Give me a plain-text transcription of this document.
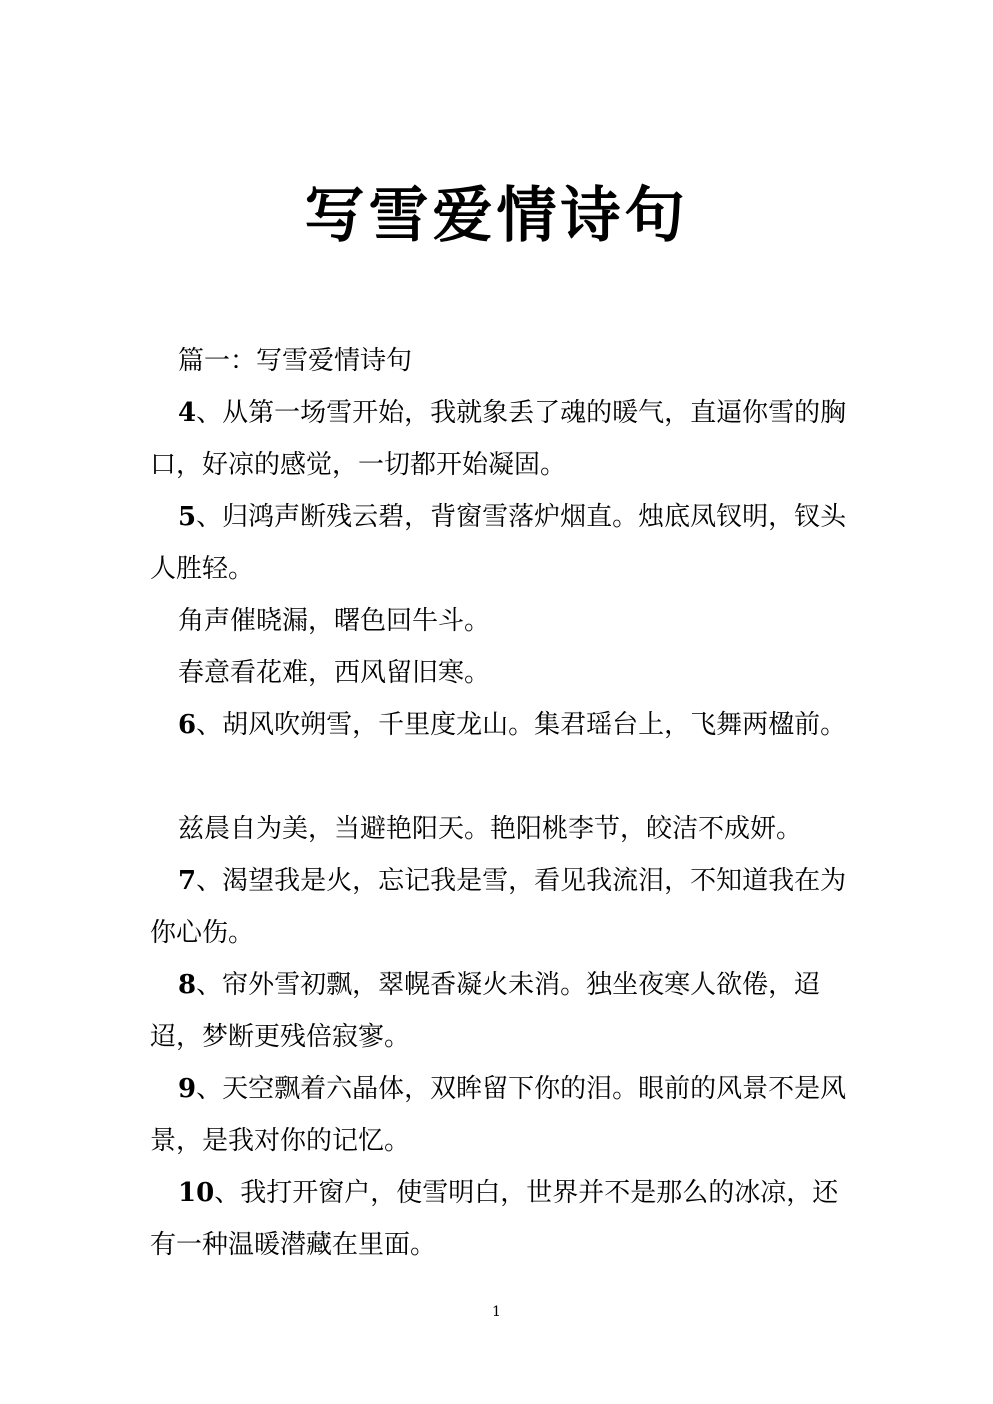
写雪爱情诗句

篇一：写雪爱情诗句

4、从第一场雪开始，我就象丢了魂的暖气，直逼你雪的胸口，好凉的感觉，一切都开始凝固。

5、归鸿声断残云碧，背窗雪落炉烟直。烛底凤钗明，钗头人胜轻。

角声催晓漏，曙色回牛斗。

春意看花难，西风留旧寒。

6、胡风吹朔雪，千里度龙山。集君瑶台上，飞舞两楹前。

兹晨自为美，当避艳阳天。艳阳桃李节，皎洁不成妍。

7、渴望我是火，忘记我是雪，看见我流泪，不知道我在为你心伤。

8、帘外雪初飘，翠幌香凝火未消。独坐夜寒人欲倦，迢迢，梦断更残倍寂寥。

9、天空飘着六晶体，双眸留下你的泪。眼前的风景不是风景，是我对你的记忆。

10、我打开窗户，使雪明白，世界并不是那么的冰凉，还有一种温暖潜藏在里面。

1
